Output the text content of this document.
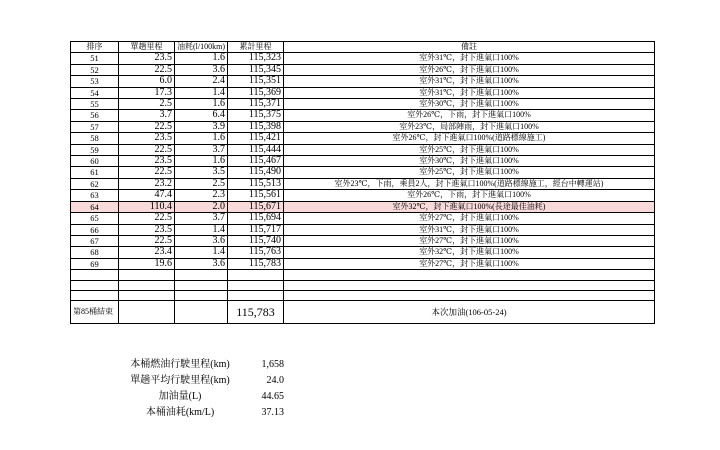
排序	單趟里程	油耗(l/100km)	累計里程	備註
51	23.5	1.6	115,323	室外31℃，封下進氣口100%
52	22.5	3.6	115,345	室外26℃，封下進氣口100%
53	6.0	2.4	115,351	室外31℃，封下進氣口100%
54	17.3	1.4	115,369	室外31℃，封下進氣口100%
55	2.5	1.6	115,371	室外30℃，封下進氣口100%
56	3.7	6.4	115,375	室外26℃，下雨，封下進氣口100%
57	22.5	3.9	115,398	室外23℃，局部陣雨，封下進氣口100%
58	23.5	1.6	115,421	室外26℃，封下進氣口100%(道路標線施工)
59	22.5	3.7	115,444	室外25℃，封下進氣口100%
60	23.5	1.6	115,467	室外30℃，封下進氣口100%
61	22.5	3.5	115,490	室外25℃，封下進氣口100%
62	23.2	2.5	115,513	室外23℃，下雨，乘員2人，封下進氣口100%(道路標線施工，經台中轉運站)
63	47.4	2.3	115,561	室外26℃，下雨，封下進氣口100%
64	110.4	2.0	115,671	室外32℃，封下進氣口100%(長途最佳油耗)
65	22.5	3.7	115,694	室外27℃，封下進氣口100%
66	23.5	1.4	115,717	室外31℃，封下進氣口100%
67	22.5	3.6	115,740	室外27℃，封下進氣口100%
68	23.4	1.4	115,763	室外32℃，封下進氣口100%
69	19.6	3.6	115,783	室外27℃，封下進氣口100%

第85桶結束			115,783	本次加油(106-05-24)
本桶燃油行駛里程(km)	1,658
單趟平均行駛里程(km)	24.0
加油量(L)	44.65
本桶油耗(km/L)	37.13
